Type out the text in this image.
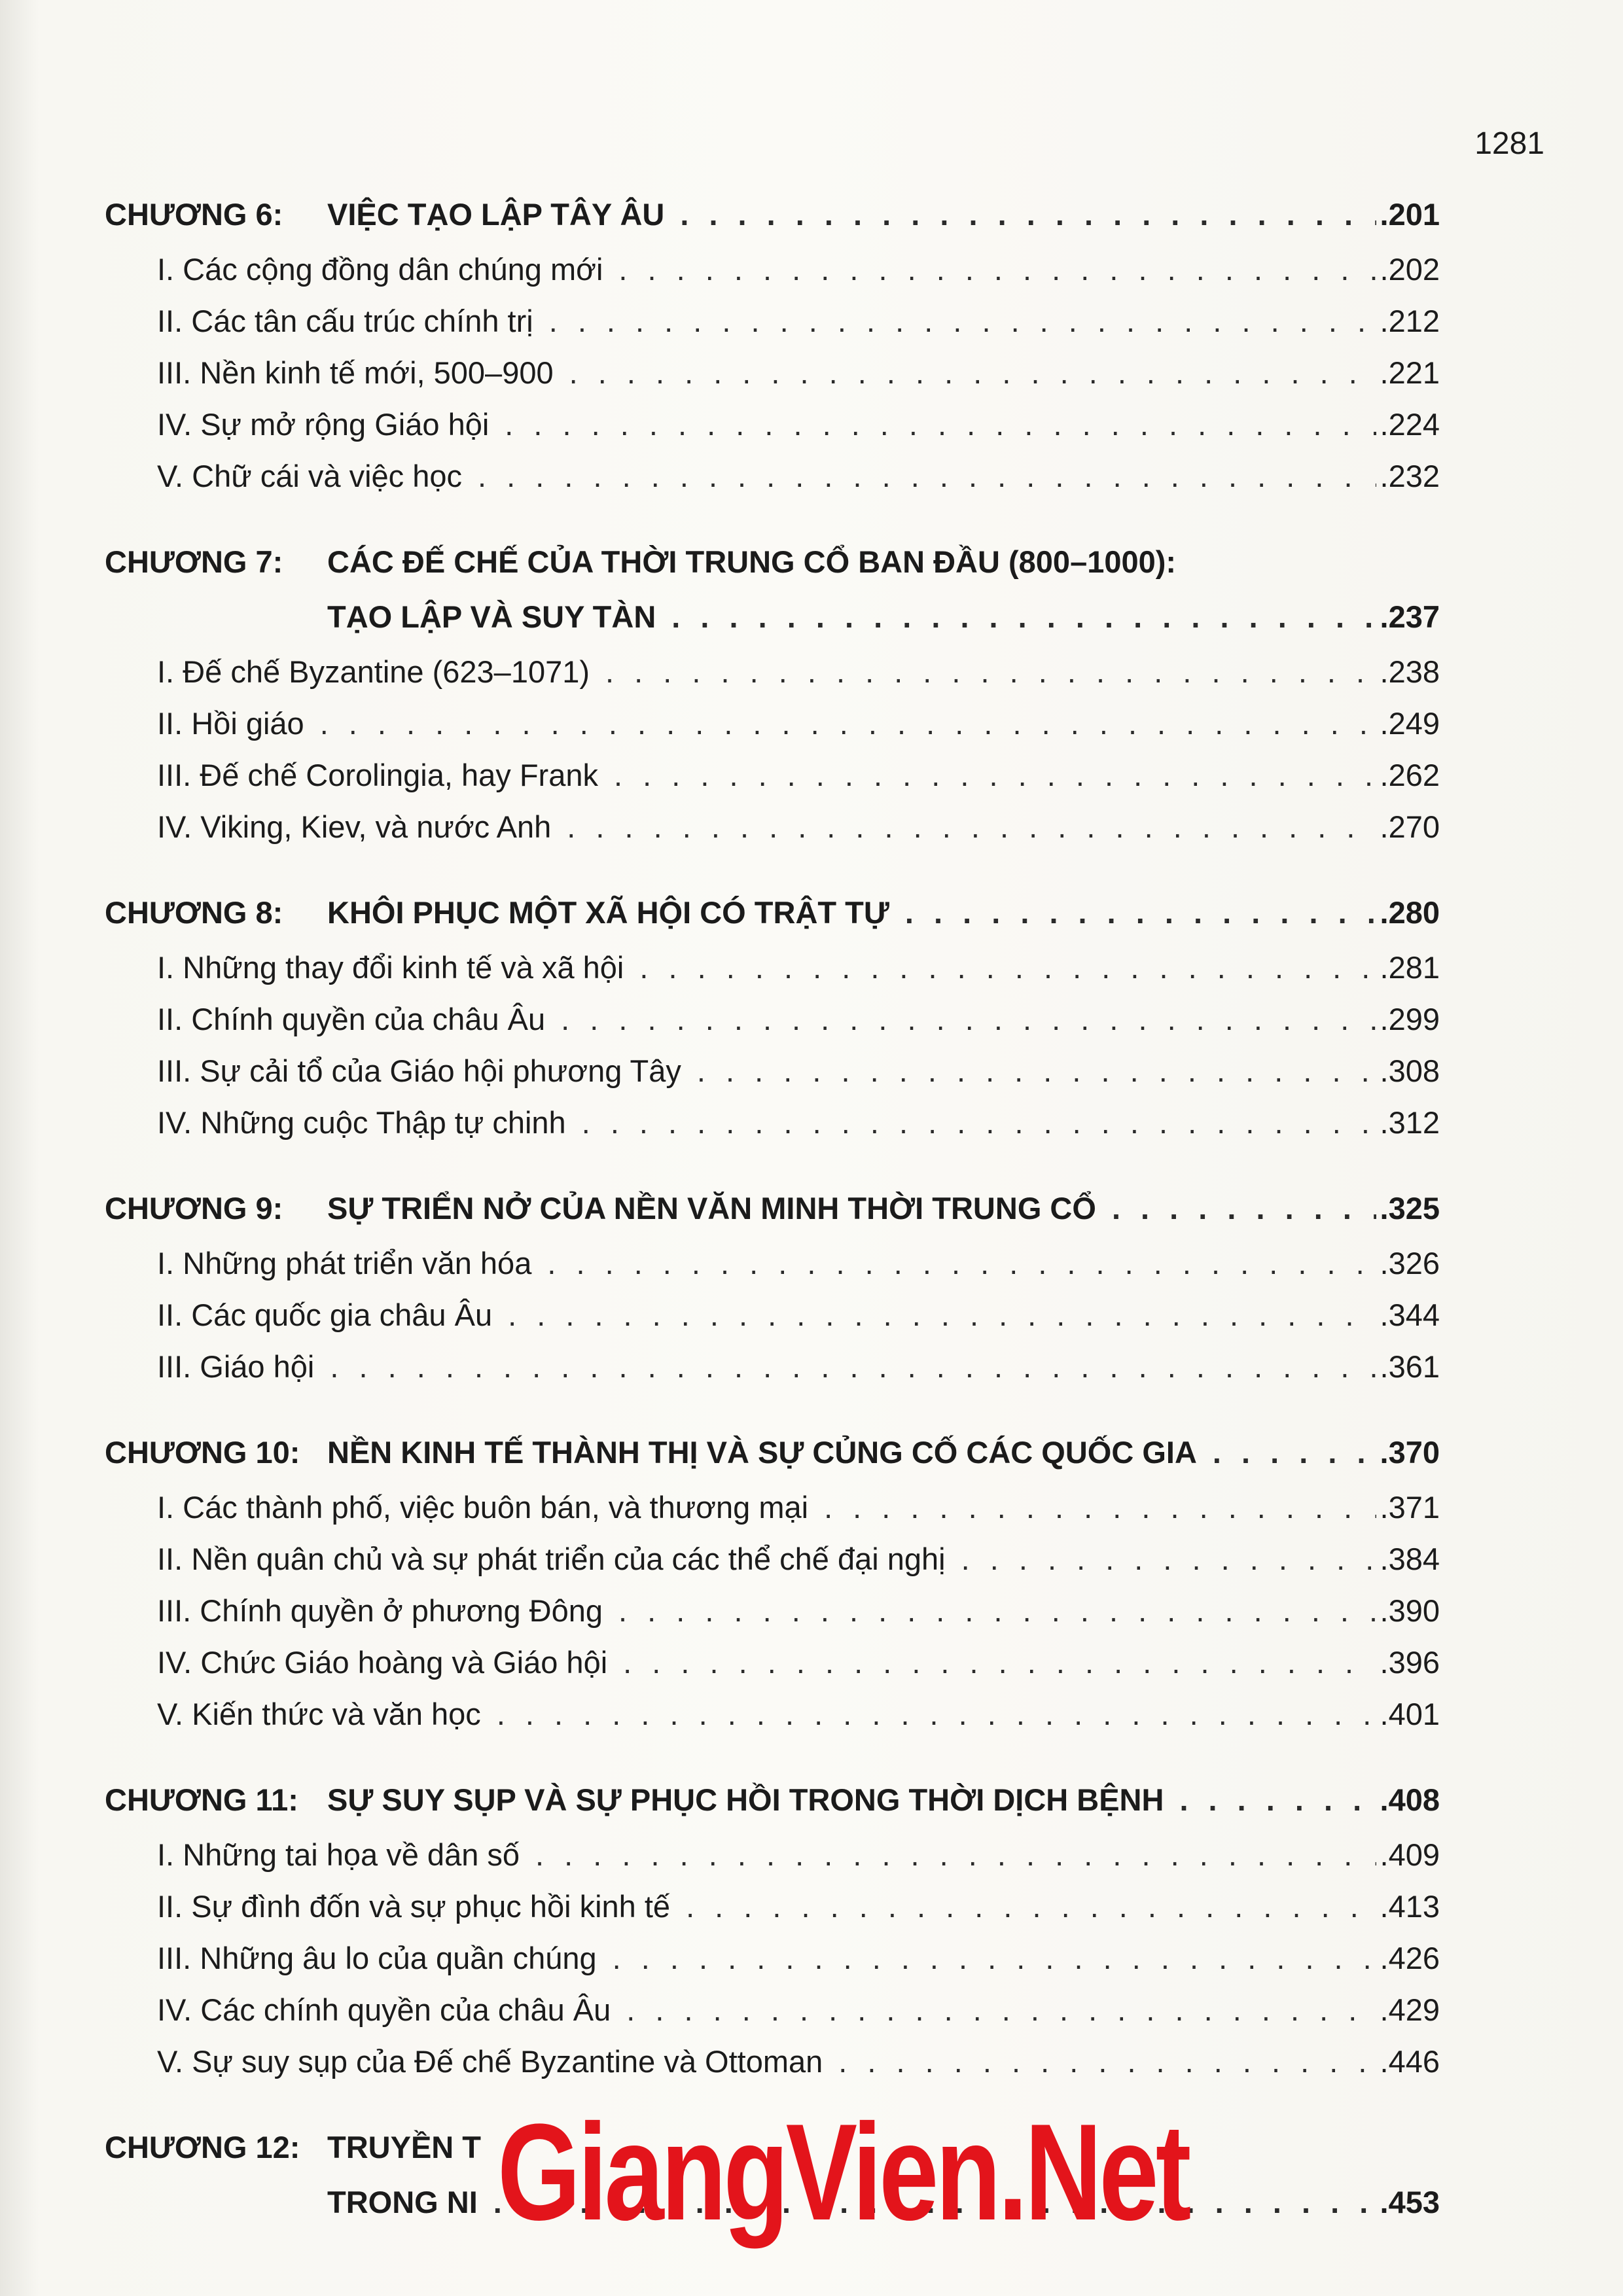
1281
CHƯƠNG 6:	VIỆC TẠO LẬP TÂY ÂU . . .	.201
I. Các cộng đồng dân chúng mới . . .	.202
II. Các tân cấu trúc chính trị . . .	.212
III. Nền kinh tế mới, 500–900 . . .	.221
IV. Sự mở rộng Giáo hội . . .	.224
V. Chữ cái và việc học . . .	.232
CHƯƠNG 7:	CÁC ĐẾ CHẾ CỦA THỜI TRUNG CỔ BAN ĐẦU (800–1000):
TẠO LẬP VÀ SUY TÀN . . .	.237
I. Đế chế Byzantine (623–1071) . . .	.238
II. Hồi giáo . . .	.249
III. Đế chế Corolingia, hay Frank . . .	.262
IV. Viking, Kiev, và nước Anh . . .	.270
CHƯƠNG 8:	KHÔI PHỤC MỘT XÃ HỘI CÓ TRẬT TỰ . . .	.280
I. Những thay đổi kinh tế và xã hội . . .	.281
II. Chính quyền của châu Âu . . .	.299
III. Sự cải tổ của Giáo hội phương Tây . . .	.308
IV. Những cuộc Thập tự chinh . . .	.312
CHƯƠNG 9:	SỰ TRIỂN NỞ CỦA NỀN VĂN MINH THỜI TRUNG CỔ . . .	.325
I. Những phát triển văn hóa . . .	.326
II. Các quốc gia châu Âu . . .	.344
III. Giáo hội . . .	.361
CHƯƠNG 10: NỀN KINH TẾ THÀNH THỊ VÀ SỰ CỦNG CỐ CÁC QUỐC GIA . . .	.370
I. Các thành phố, việc buôn bán, và thương mại . . .	.371
II. Nền quân chủ và sự phát triển của các thể chế đại nghị . . .	.384
III. Chính quyền ở phương Đông . . .	.390
IV. Chức Giáo hoàng và Giáo hội . . .	.396
V. Kiến thức và văn học . . .	.401
CHƯƠNG 11: SỰ SUY SỤP VÀ SỰ PHỤC HỒI TRONG THỜI DỊCH BỆNH . . .	.408
I. Những tai họa về dân số . . .	.409
II. Sự đình đốn và sự phục hồi kinh tế . . .	.413
III. Những âu lo của quần chúng . . .	.426
IV. Các chính quyền của châu Âu . . .	.429
V. Sự suy sụp của Đế chế Byzantine và Ottoman . . .	.446
CHƯƠNG 12: TRUYỀN T
TRONG NI . . .	.453
GiangVien.Net
